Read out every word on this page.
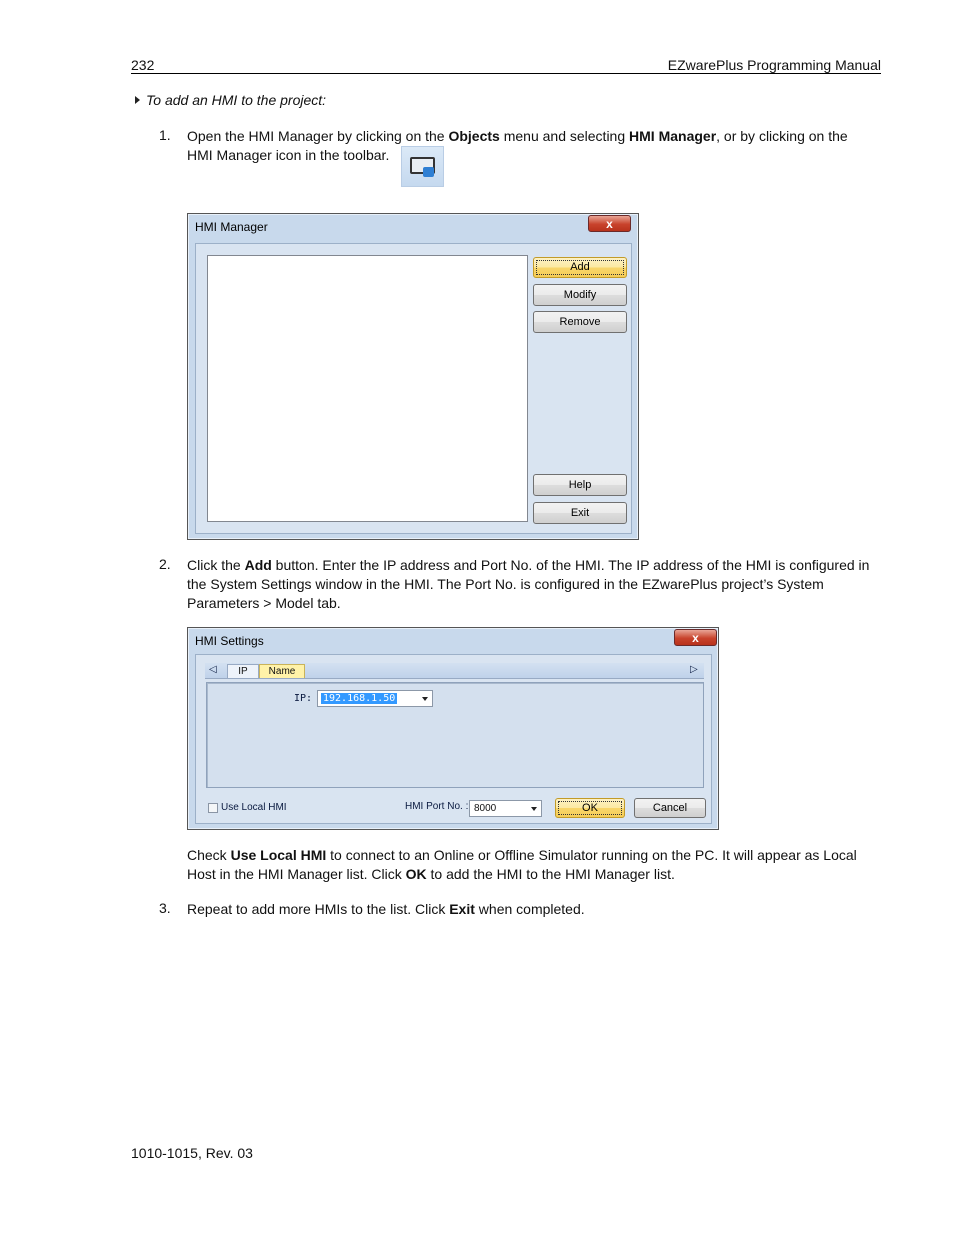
232	EZwarePlus Programming Manual
To add an HMI to the project:
1. Open the HMI Manager by clicking on the Objects menu and selecting HMI Manager, or by clicking on the HMI Manager icon in the toolbar.
HMI Manager	x
Add
Modify
Remove
Help
Exit
2. Click the Add button. Enter the IP address and Port No. of the HMI. The IP address of the HMI is configured in the System Settings window in the HMI. The Port No. is configured in the EZwarePlus project’s System Parameters > Model tab.
HMI Settings	x
◁	IP	Name	▷
IP:	192.168.1.50
Use Local HMI	HMI Port No. : 8000	OK	Cancel
Check Use Local HMI to connect to an Online or Offline Simulator running on the PC. It will appear as Local Host in the HMI Manager list. Click OK to add the HMI to the HMI Manager list.
3. Repeat to add more HMIs to the list. Click Exit when completed.
1010-1015, Rev. 03
